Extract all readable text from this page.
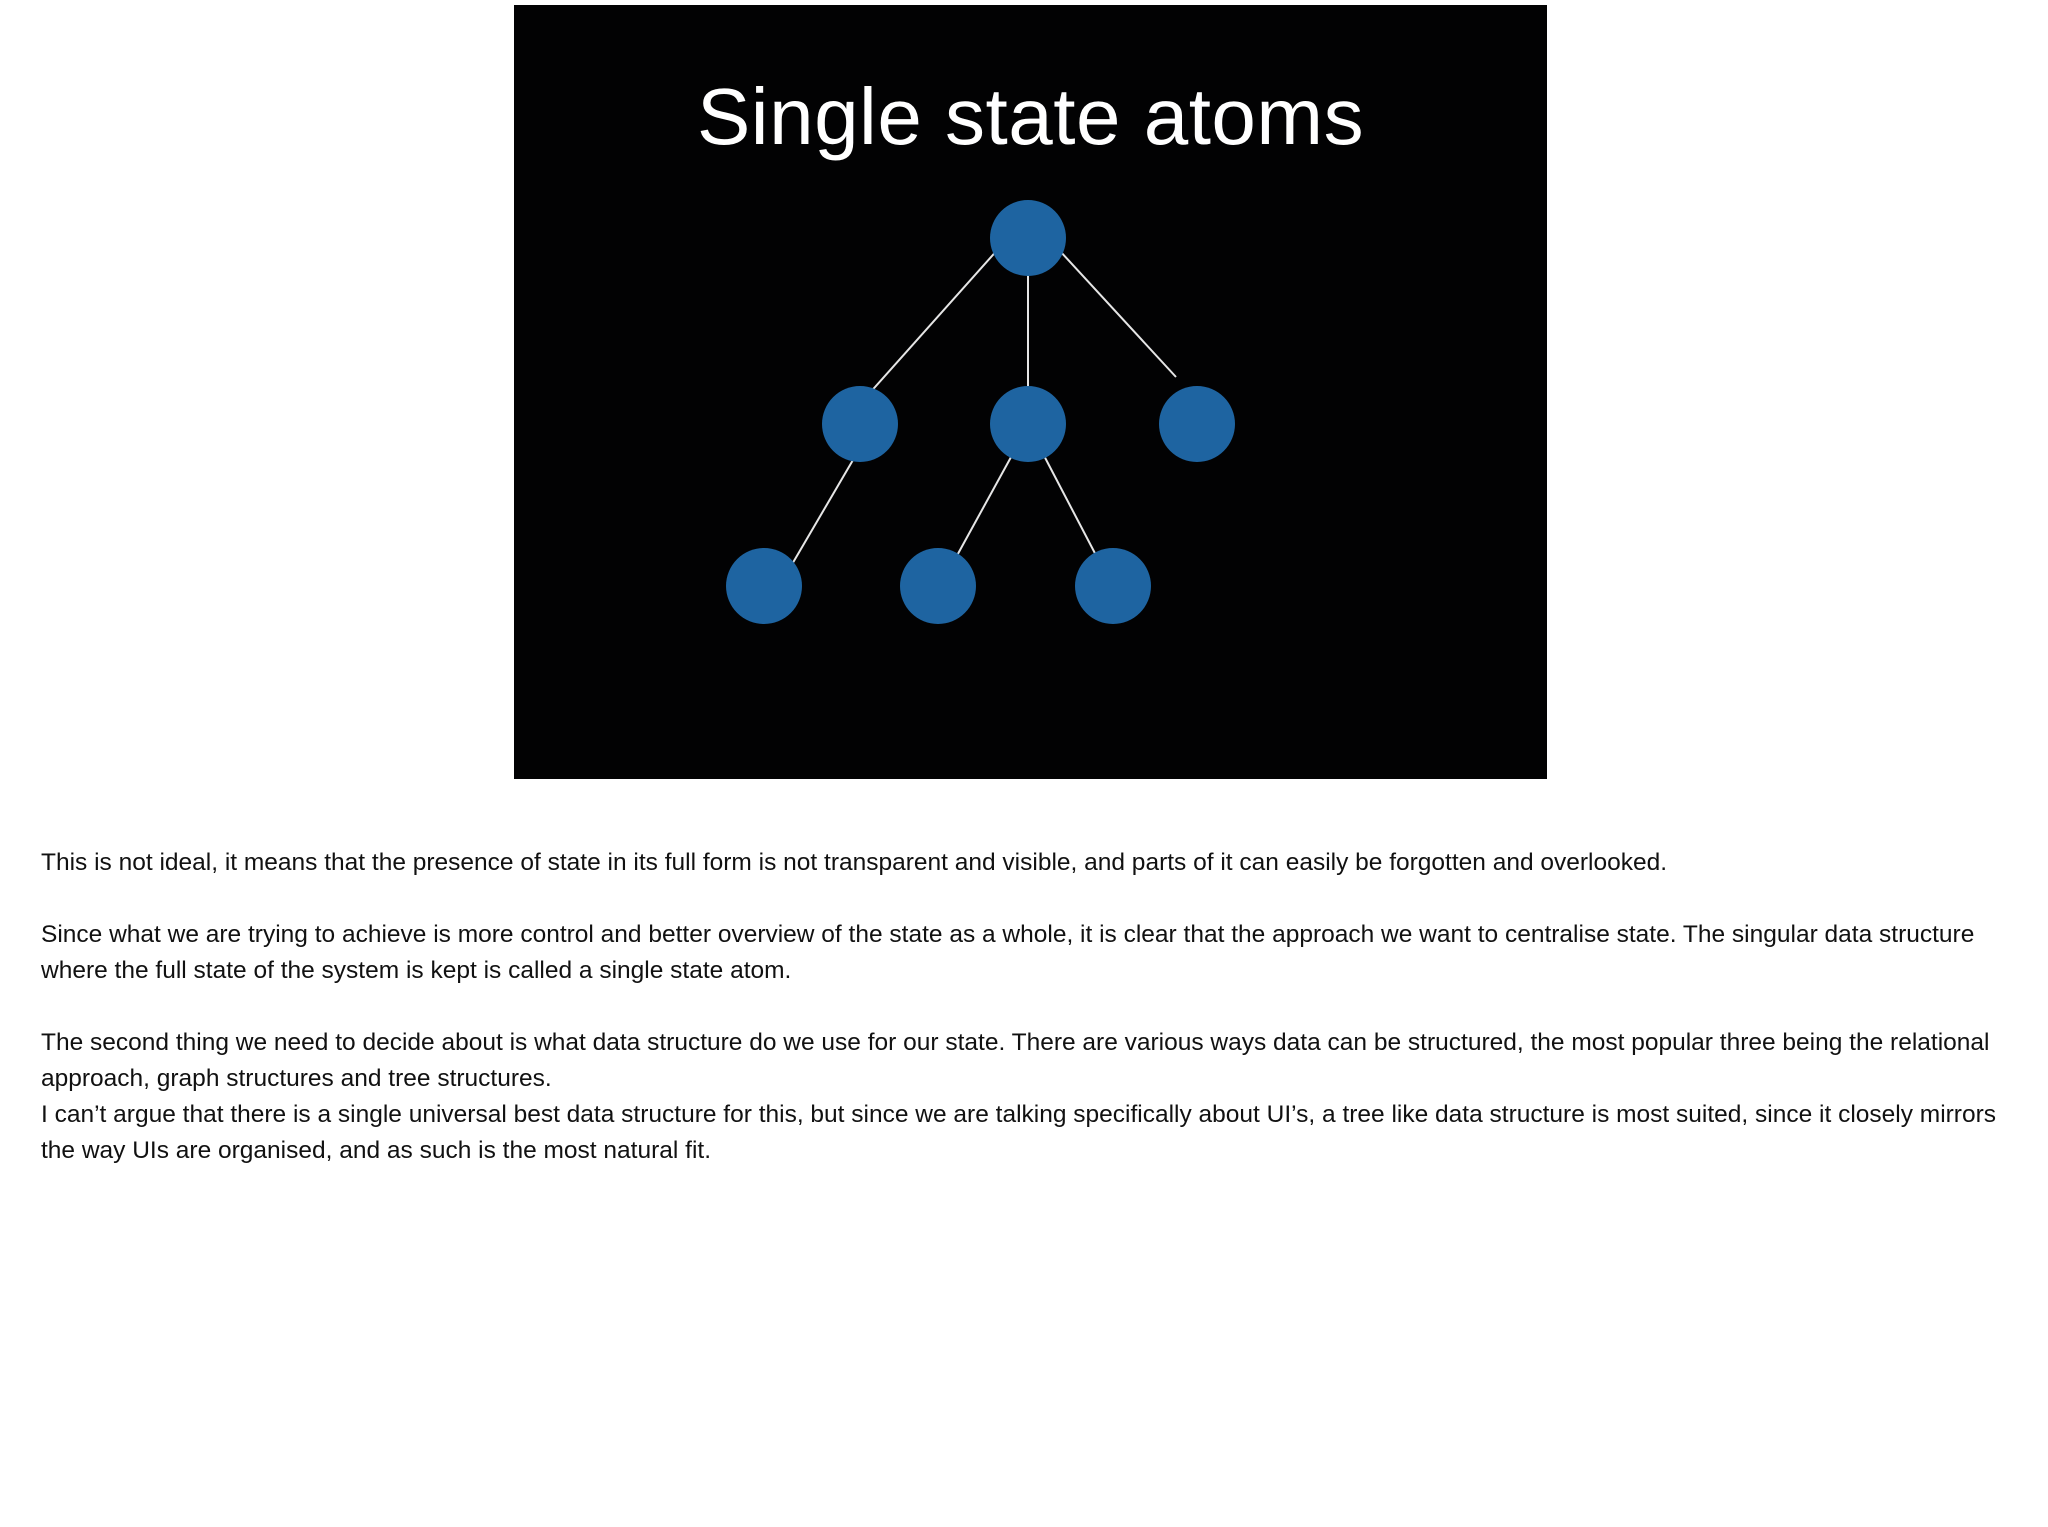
Single state atoms

This is not ideal, it means that the presence of state in its full form is not transparent and visible, and parts of it can easily be forgotten and overlooked.

Since what we are trying to achieve is more control and better overview of the state as a whole, it is clear that the approach we want to centralise state. The singular data structure where the full state of the system is kept is called a single state atom.

The second thing we need to decide about is what data structure do we use for our state. There are various ways data can be structured, the most popular three being the relational approach, graph structures and tree structures.

I can’t argue that there is a single universal best data structure for this, but since we are talking specifically about UI’s, a tree like data structure is most suited, since it closely mirrors the way UIs are organised, and as such is the most natural fit.
